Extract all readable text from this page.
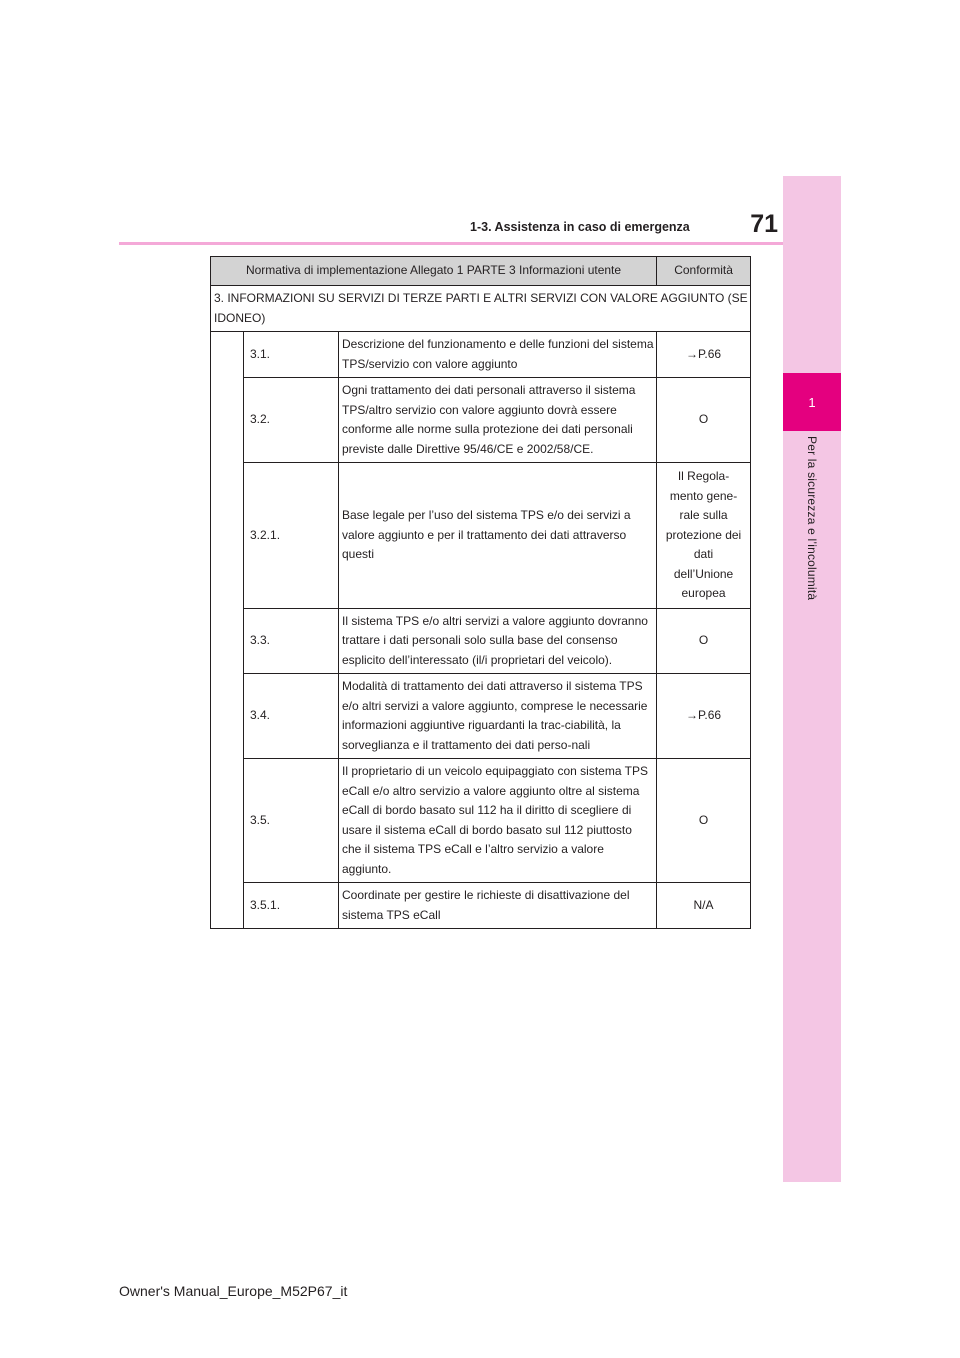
1
Per la sicurezza e l’incolumità
71
1-3. Assistenza in caso di emergenza
Normativa di implementazione Allegato 1 PARTE 3 Informazioni utente			Conformità
3. INFORMAZIONI SU SERVIZI DI TERZE PARTI E ALTRI SERVIZI CON VALORE AGGIUNTO (SE IDONEO)			
	3.1.	Descrizione del funzionamento e delle funzioni del sistema TPS/servizio con valore aggiunto	→P.66
	3.2.	Ogni trattamento dei dati personali attraverso il sistema TPS/altro servizio con valore aggiunto dovrà essere conforme alle norme sulla protezione dei dati personali previste dalle Direttive 95/46/CE e 2002/58/CE.	O
	3.2.1.	Base legale per l’uso del sistema TPS e/o dei servizi a valore aggiunto e per il trattamento dei dati attraverso questi	Il Regola-mento gene-rale sulla protezione dei dati dell’Unione europea
	3.3.	Il sistema TPS e/o altri servizi a valore aggiunto dovranno trattare i dati personali solo sulla base del consenso esplicito dell’interessato (il/i proprietari del veicolo).	O
	3.4.	Modalità di trattamento dei dati attraverso il sistema TPS e/o altri servizi a valore aggiunto, comprese le necessarie informazioni aggiuntive riguardanti la trac-ciabilità, la sorveglianza e il trattamento dei dati perso-nali	→P.66
	3.5.	Il proprietario di un veicolo equipaggiato con sistema TPS eCall e/o altro servizio a valore aggiunto oltre al sistema eCall di bordo basato sul 112 ha il diritto di scegliere di usare il sistema eCall di bordo basato sul 112 piuttosto che il sistema TPS eCall e l’altro servizio a valore aggiunto.	O
	3.5.1.	Coordinate per gestire le richieste di disattivazione del sistema TPS eCall	N/A
Owner's Manual_Europe_M52P67_it
